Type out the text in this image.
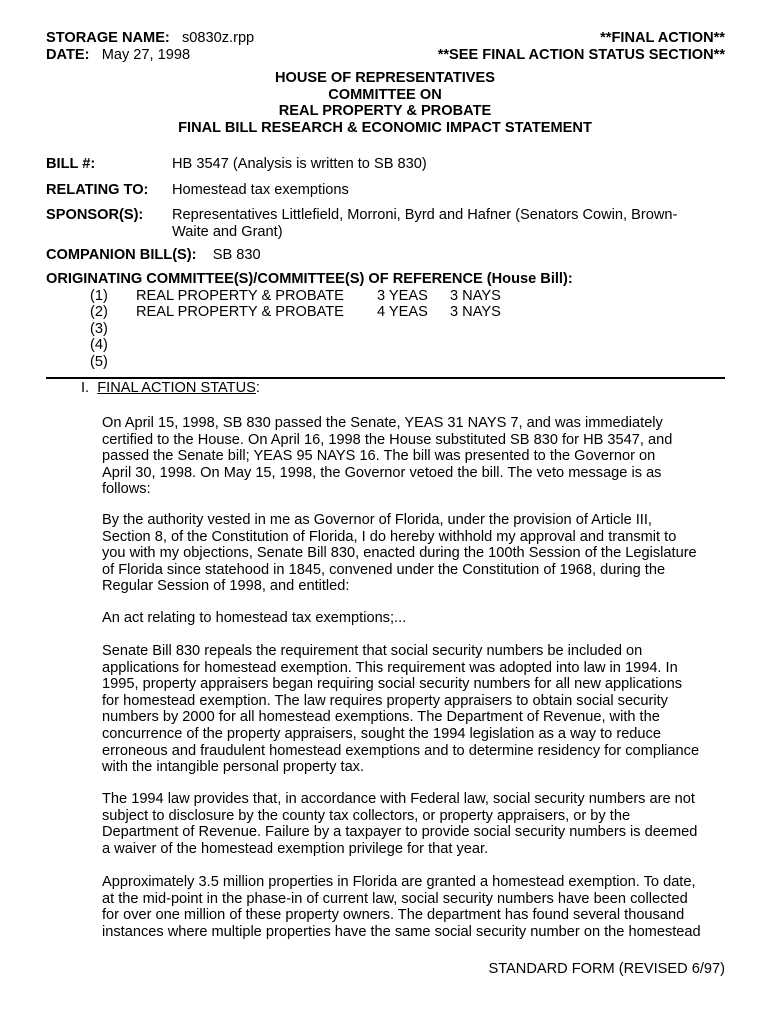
STORAGE NAME: s0830z.rpp
DATE: May 27, 1998
**FINAL ACTION**
**SEE FINAL ACTION STATUS SECTION**
HOUSE OF REPRESENTATIVES
COMMITTEE ON
REAL PROPERTY & PROBATE
FINAL BILL RESEARCH & ECONOMIC IMPACT STATEMENT
BILL #:	HB 3547 (Analysis is written to SB 830)
RELATING TO: Homestead tax exemptions
SPONSOR(S): Representatives Littlefield, Morroni, Byrd and Hafner (Senators Cowin, Brown-Waite and Grant)
COMPANION BILL(S): SB 830
ORIGINATING COMMITTEE(S)/COMMITTEE(S) OF REFERENCE (House Bill):
(1) REAL PROPERTY & PROBATE 3 YEAS 3 NAYS
(2) REAL PROPERTY & PROBATE 4 YEAS 3 NAYS
(3)
(4)
(5)
I. FINAL ACTION STATUS:
On April 15, 1998, SB 830 passed the Senate, YEAS 31 NAYS 7, and was immediately
certified to the House. On April 16, 1998 the House substituted SB 830 for HB 3547, and
passed the Senate bill; YEAS 95 NAYS 16. The bill was presented to the Governor on
April 30, 1998. On May 15, 1998, the Governor vetoed the bill. The veto message is as
follows:
By the authority vested in me as Governor of Florida, under the provision of Article III,
Section 8, of the Constitution of Florida, I do hereby withhold my approval and transmit to
you with my objections, Senate Bill 830, enacted during the 100th Session of the Legislature
of Florida since statehood in 1845, convened under the Constitution of 1968, during the
Regular Session of 1998, and entitled:
An act relating to homestead tax exemptions;...
Senate Bill 830 repeals the requirement that social security numbers be included on
applications for homestead exemption. This requirement was adopted into law in 1994. In
1995, property appraisers began requiring social security numbers for all new applications
for homestead exemption. The law requires property appraisers to obtain social security
numbers by 2000 for all homestead exemptions. The Department of Revenue, with the
concurrence of the property appraisers, sought the 1994 legislation as a way to reduce
erroneous and fraudulent homestead exemptions and to determine residency for compliance
with the intangible personal property tax.
The 1994 law provides that, in accordance with Federal law, social security numbers are not
subject to disclosure by the county tax collectors, or property appraisers, or by the
Department of Revenue. Failure by a taxpayer to provide social security numbers is deemed
a waiver of the homestead exemption privilege for that year.
Approximately 3.5 million properties in Florida are granted a homestead exemption. To date,
at the mid-point in the phase-in of current law, social security numbers have been collected
for over one million of these property owners. The department has found several thousand
instances where multiple properties have the same social security number on the homestead
STANDARD FORM (REVISED 6/97)
